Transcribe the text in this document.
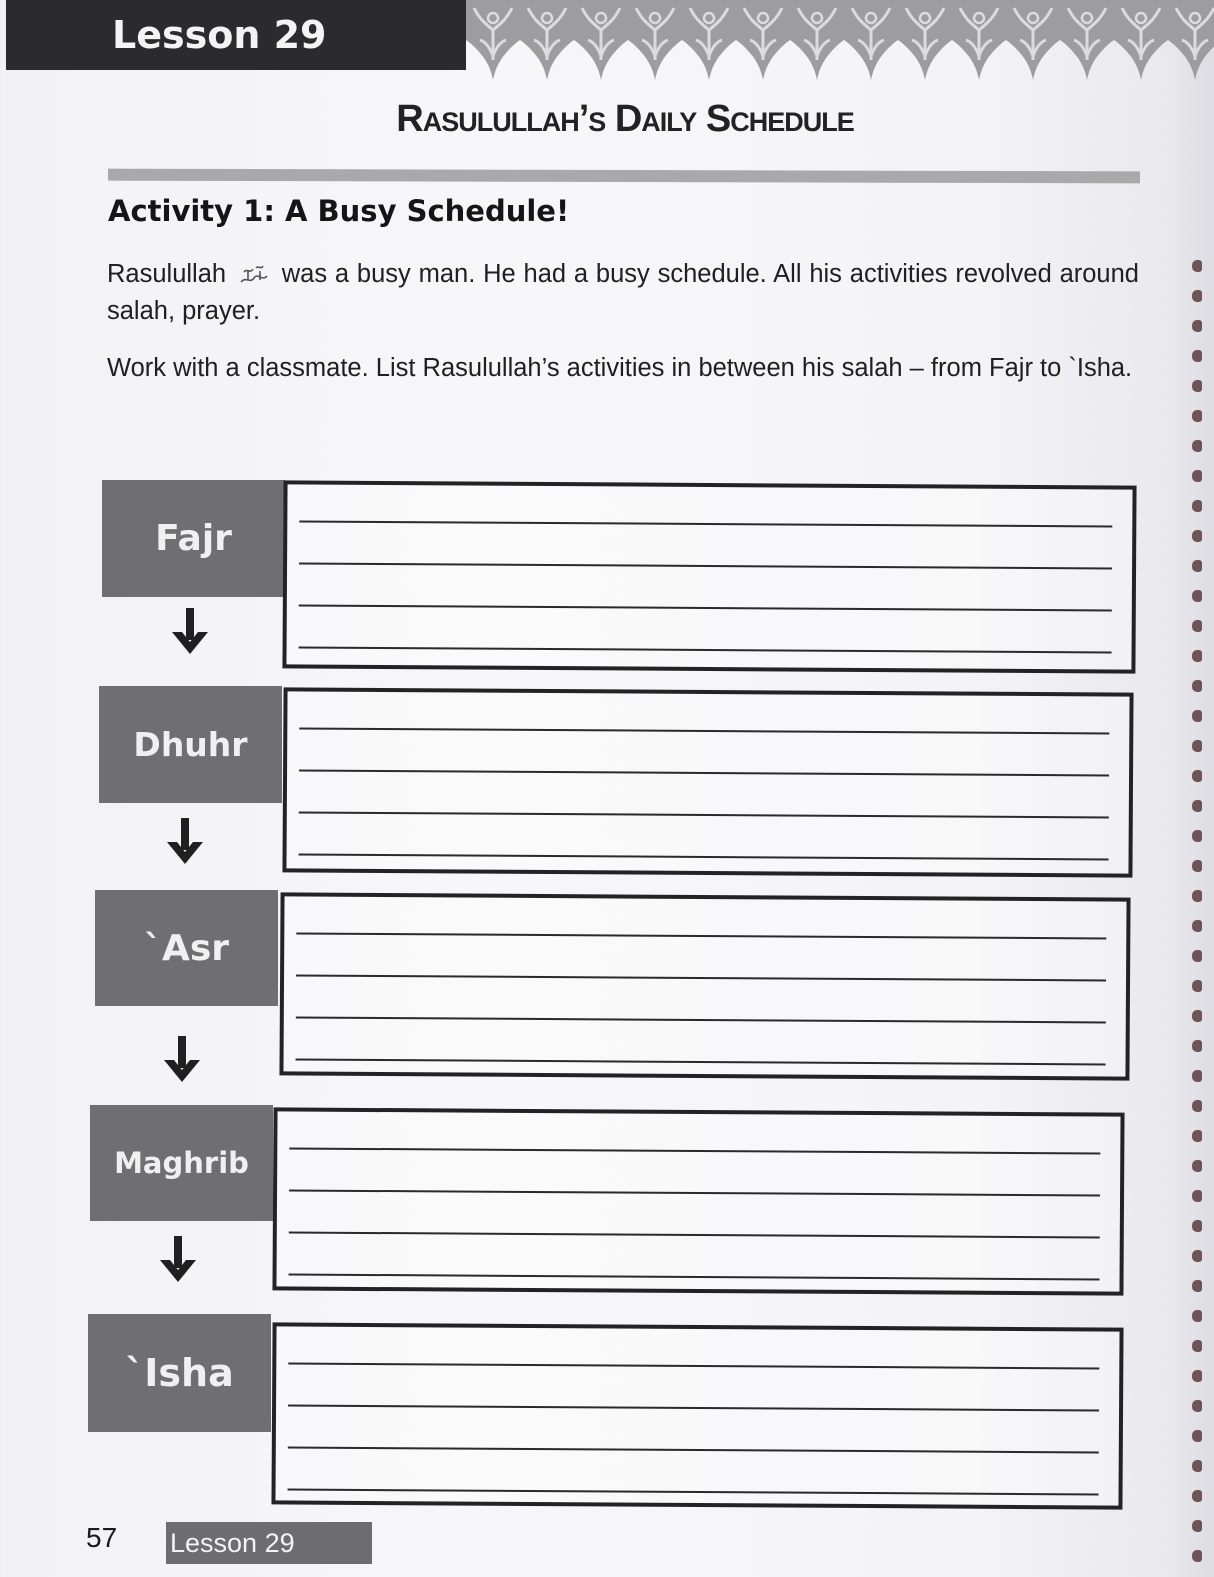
Lesson 29
Rasulullah’s Daily Schedule
Activity 1: A Busy Schedule!
Rasulullah was a busy man. He had a busy schedule. All his activities revolved around salah, prayer.
Work with a classmate. List Rasulullah’s activities in between his salah – from Fajr to `Isha.
Fajr
Dhuhr
`Asr
Maghrib
`Isha
57 Lesson 29
